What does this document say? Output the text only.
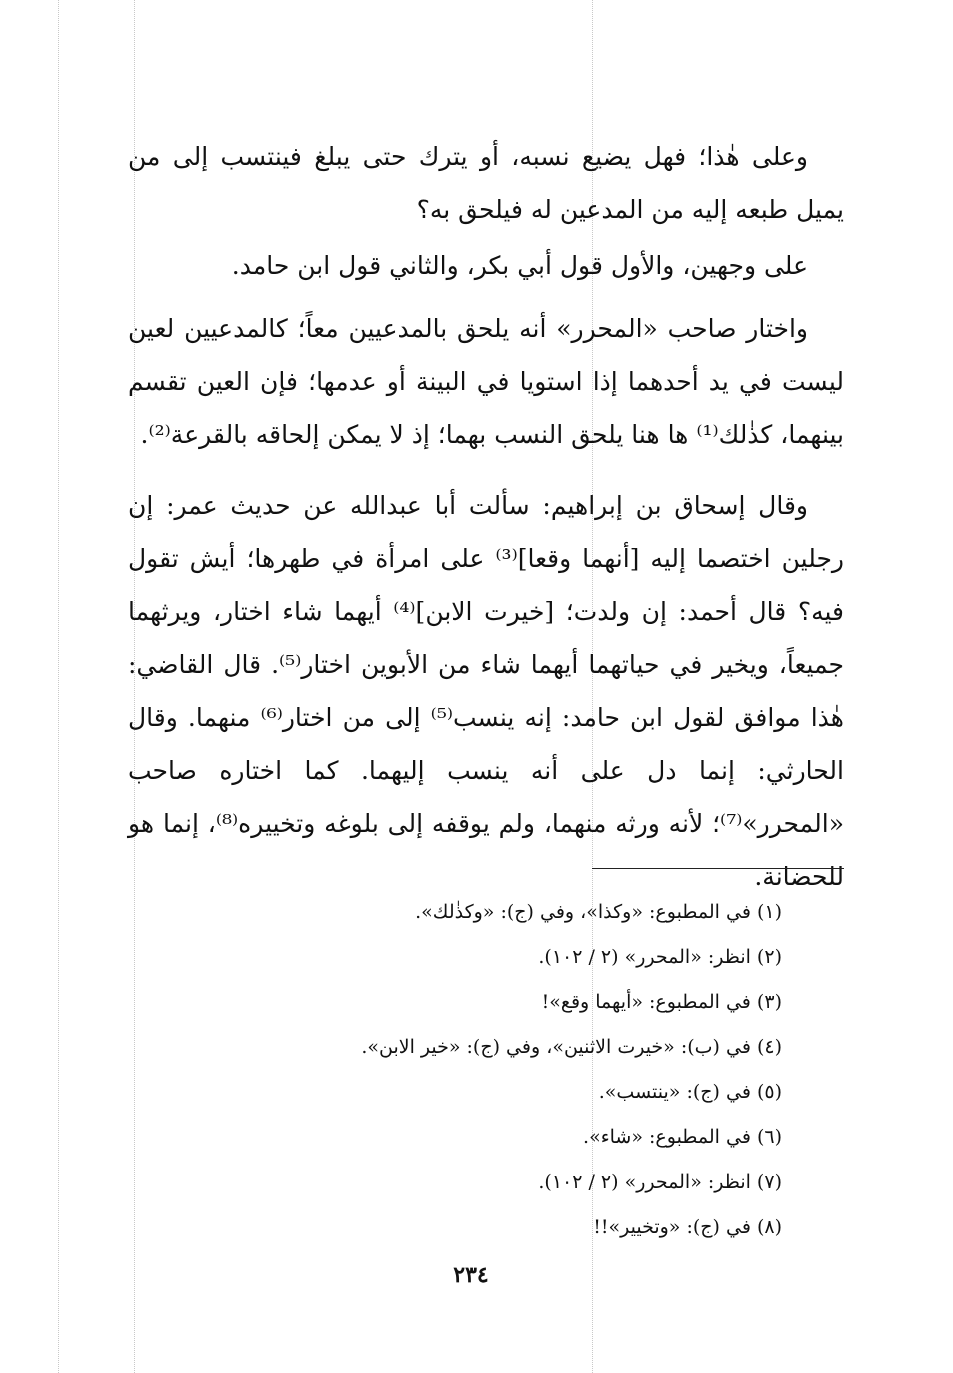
وعلى هٰذا؛ فهل يضيع نسبه، أو يترك حتى يبلغ فينتسب إلى من يميل طبعه إليه من المدعين له فيلحق به؟

على وجهين، والأول قول أبي بكر، والثاني قول ابن حامد.

واختار صاحب «المحرر» أنه يلحق بالمدعيين معاً؛ كالمدعيين لعين ليست في يد أحدهما إذا استويا في البينة أو عدمها؛ فإن العين تقسم بينهما، كذٰلك⁽¹⁾ ها هنا يلحق النسب بهما؛ إذ لا يمكن إلحاقه بالقرعة⁽²⁾.

وقال إسحاق بن إبراهيم: سألت أبا عبدالله عن حديث عمر: إن رجلين اختصما إليه [أنهما وقعا]⁽³⁾ على امرأة في طهرها؛ أيش تقول فيه؟ قال أحمد: إن ولدت؛ [خيرت الابن]⁽⁴⁾ أيهما شاء اختار، ويرثهما جميعاً، ويخير في حياتهما أيهما شاء من الأبوين اختار⁽⁵⁾. قال القاضي: هٰذا موافق لقول ابن حامد: إنه ينسب⁽⁵⁾ إلى من اختار⁽⁶⁾ منهما. وقال الحارثي: إنما دل على أنه ينسب إليهما. كما اختاره صاحب «المحرر»⁽⁷⁾؛ لأنه ورثه منهما، ولم يوقفه إلى بلوغه وتخييره⁽⁸⁾، إنما هو للحضانة.

(١) في المطبوع: «وكذا»، وفي (ج): «وكذٰلك».
(٢) انظر: «المحرر» (٢ / ١٠٢).
(٣) في المطبوع: «أيهما وقع»!
(٤) في (ب): «خيرت الاثنين»، وفي (ج): «خير الابن».
(٥) في (ج): «ينتسب».
(٦) في المطبوع: «شاء».
(٧) انظر: «المحرر» (٢ / ١٠٢).
(٨) في (ج): «وتخيير»!!
٢٣٤
